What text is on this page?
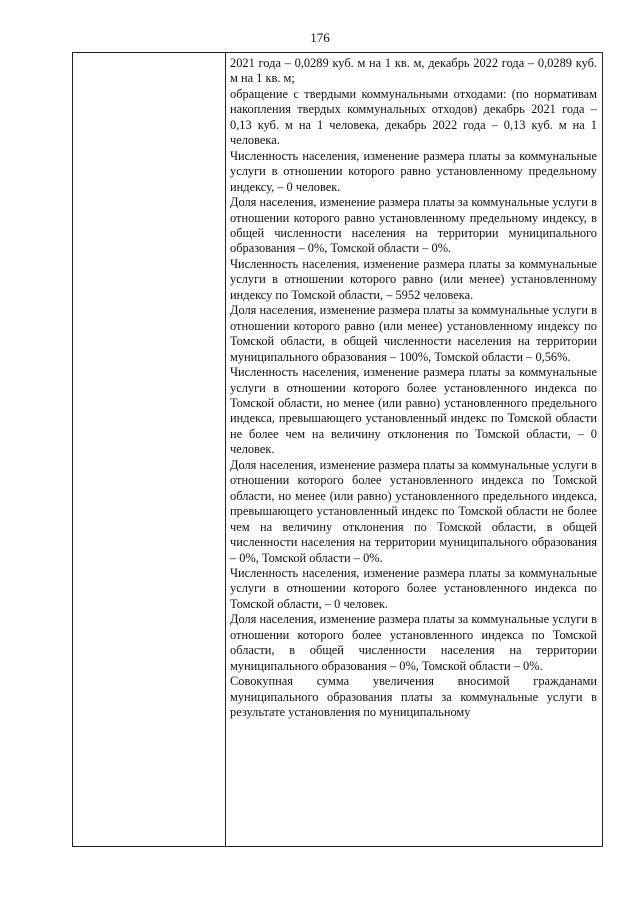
176

2021 года – 0,0289 куб. м на 1 кв. м, декабрь 2022 года – 0,0289 куб. м на 1 кв. м;

обращение с твердыми коммунальными отходами: (по нормативам накопления твердых коммунальных отходов) декабрь 2021 года – 0,13 куб. м на 1 человека, декабрь 2022 года – 0,13 куб. м на 1 человека.

Численность населения, изменение размера платы за коммунальные услуги в отношении которого равно установленному предельному индексу, – 0 человек.

Доля населения, изменение размера платы за коммунальные услуги в отношении которого равно установленному предельному индексу, в общей численности населения на территории муниципального образования – 0%, Томской области – 0%.

Численность населения, изменение размера платы за коммунальные услуги в отношении которого равно (или менее) установленному индексу по Томской области, – 5952 человека.

Доля населения, изменение размера платы за коммунальные услуги в отношении которого равно (или менее) установленному индексу по Томской области, в общей численности населения на территории муниципального образования – 100%, Томской области – 0,56%.

Численность населения, изменение размера платы за коммунальные услуги в отношении которого более установленного индекса по Томской области, но менее (или равно) установленного предельного индекса, превышающего установленный индекс по Томской области не более чем на величину отклонения по Томской области, – 0 человек.

Доля населения, изменение размера платы за коммунальные услуги в отношении которого более установленного индекса по Томской области, но менее (или равно) установленного предельного индекса, превышающего установленный индекс по Томской области не более чем на величину отклонения по Томской области, в общей численности населения на территории муниципального образования – 0%, Томской области – 0%.

Численность населения, изменение размера платы за коммунальные услуги в отношении которого более установленного индекса по Томской области, – 0 человек.

Доля населения, изменение размера платы за коммунальные услуги в отношении которого более установленного индекса по Томской области, в общей численности населения на территории муниципального образования – 0%, Томской области – 0%.

Совокупная сумма увеличения вносимой гражданами муниципального образования платы за коммунальные услуги в результате установления по муниципальному
